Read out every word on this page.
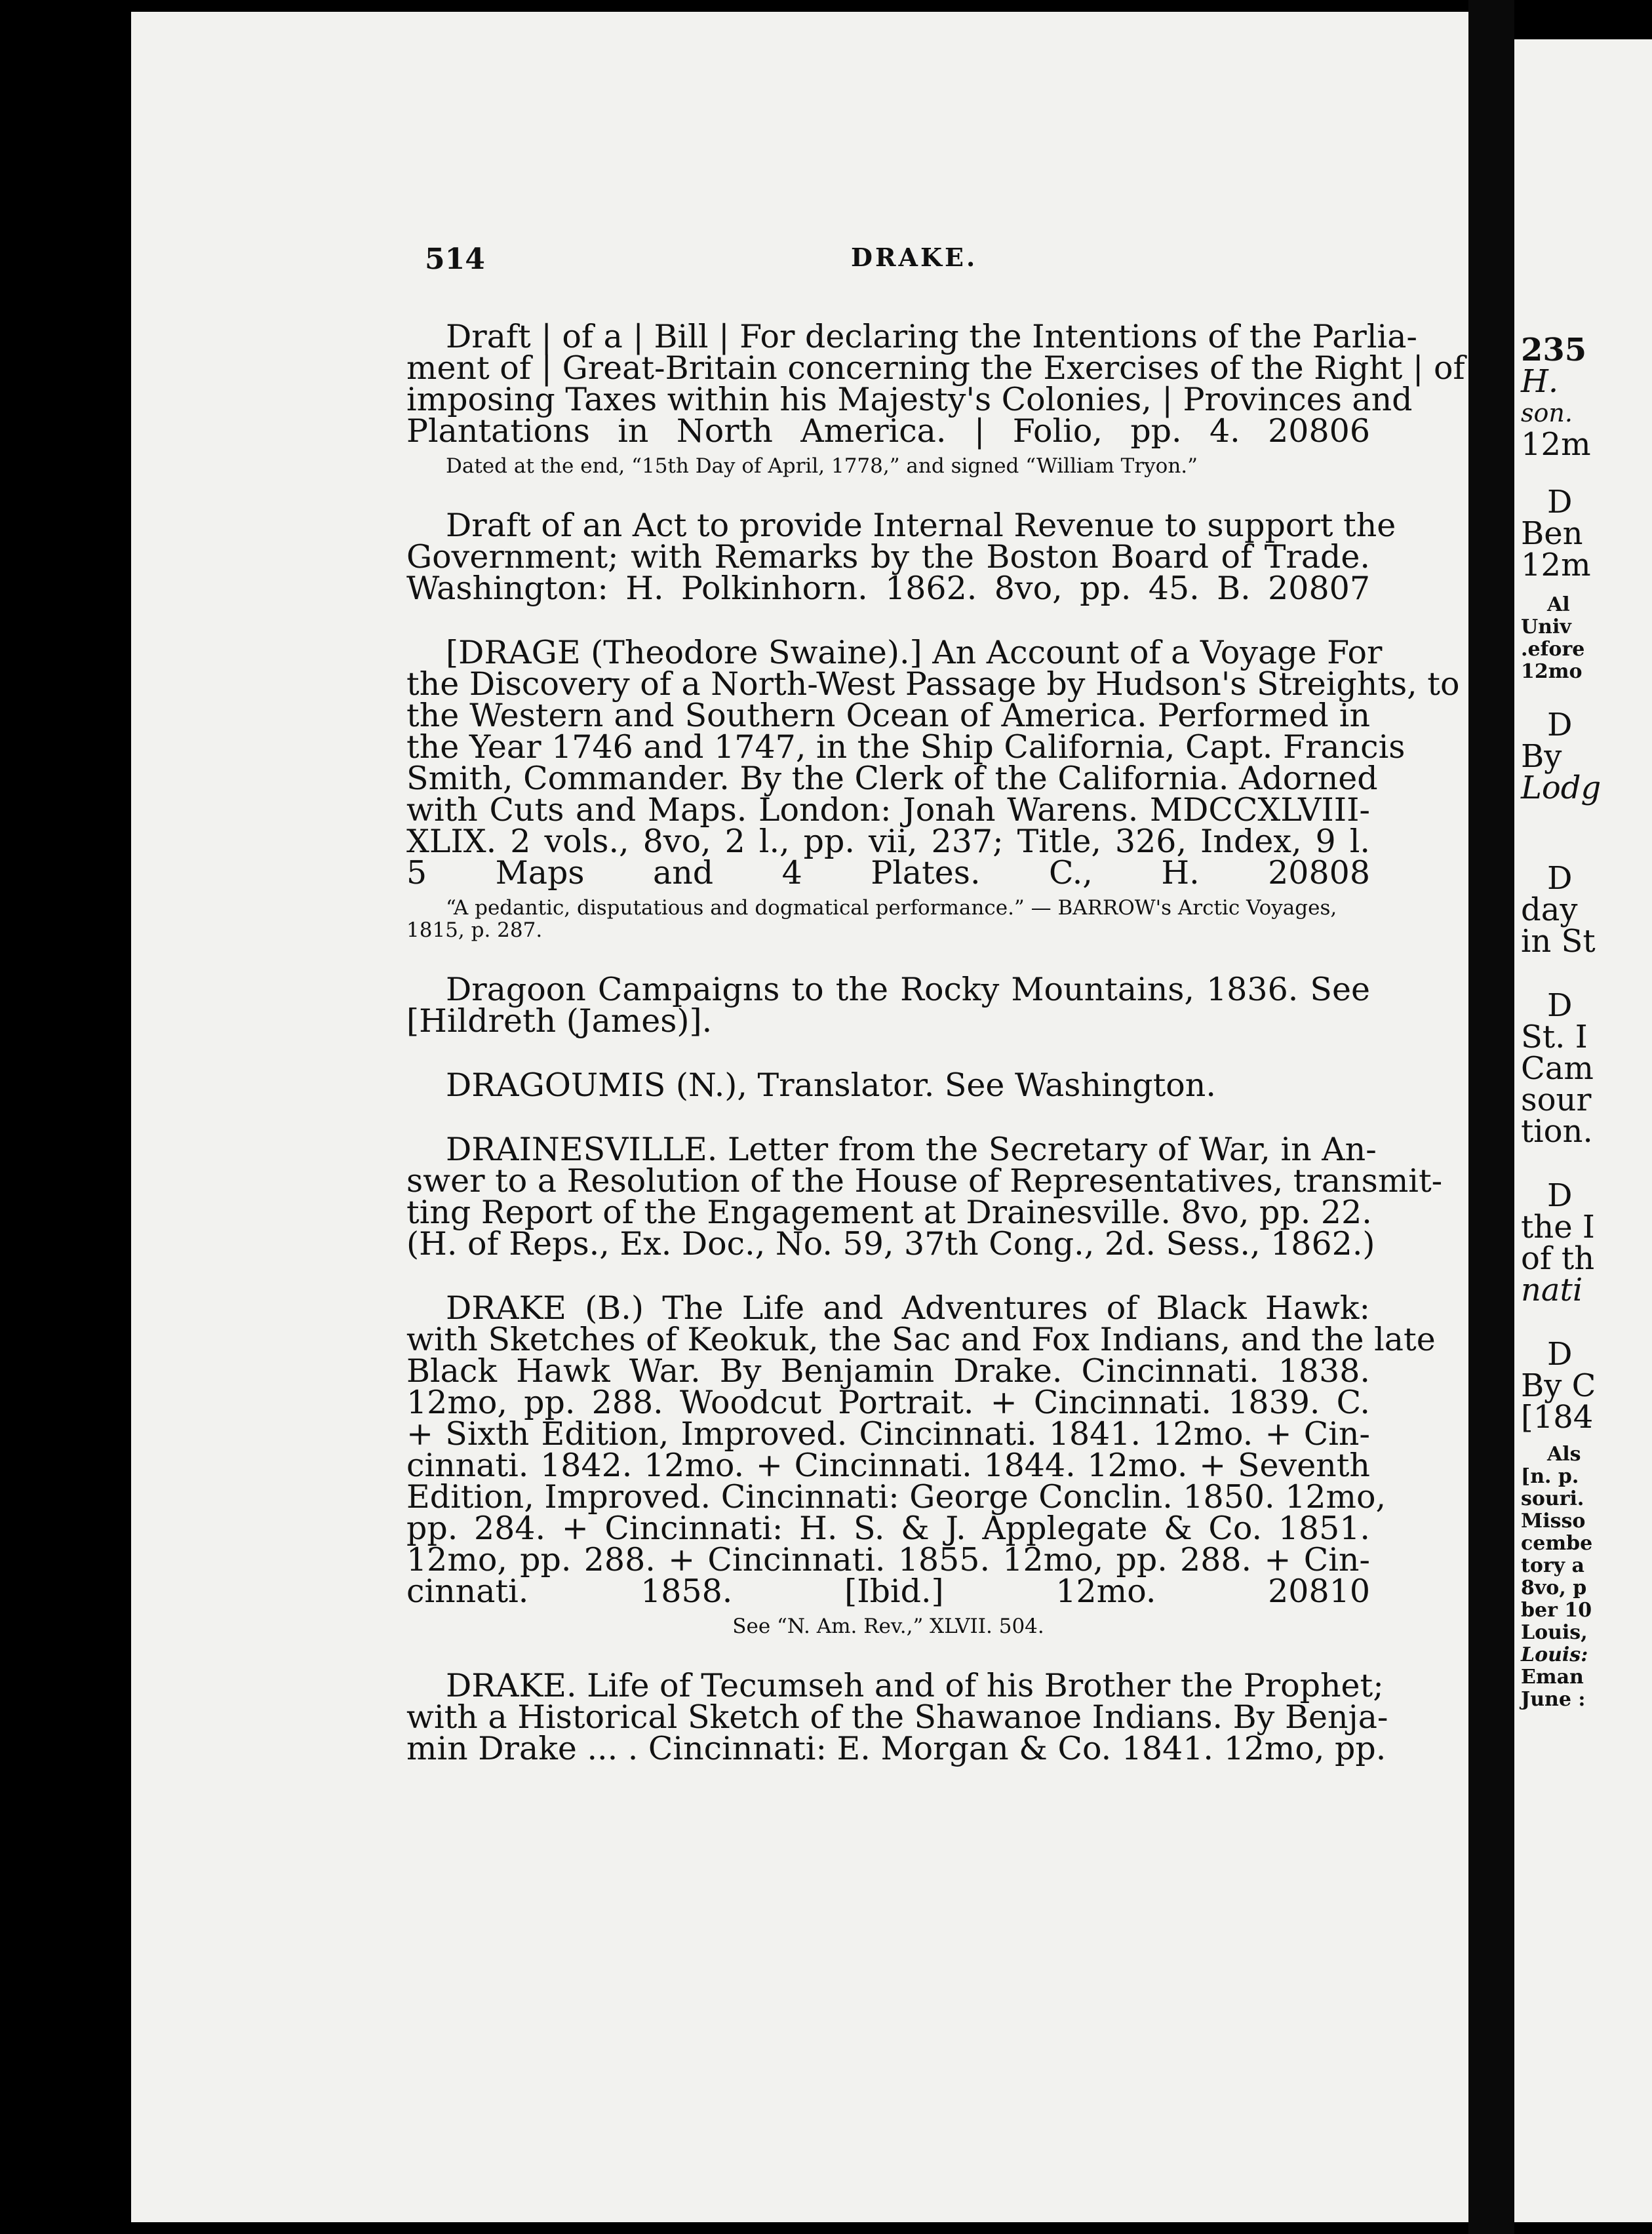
514	DRAKE.
Draft | of a | Bill | For declaring the Intentions of the Parlia-
ment of | Great-Britain concerning the Exercises of the Right | of
imposing Taxes within his Majesty's Colonies, | Provinces and
Plantations in North America. | Folio, pp. 4. 20806
Dated at the end, “15th Day of April, 1778,” and signed “William Tryon.”
Draft of an Act to provide Internal Revenue to support the
Government; with Remarks by the Boston Board of Trade.
Washington: H. Polkinhorn. 1862. 8vo, pp. 45. B. 20807
[DRAGE (Theodore Swaine).] An Account of a Voyage For
the Discovery of a North-West Passage by Hudson's Streights, to
the Western and Southern Ocean of America. Performed in
the Year 1746 and 1747, in the Ship California, Capt. Francis
Smith, Commander. By the Clerk of the California. Adorned
with Cuts and Maps. London: Jonah Warens. MDCCXLVIII-
XLIX. 2 vols., 8vo, 2 l., pp. vii, 237; Title, 326, Index, 9 l.
5 Maps and 4 Plates. C., H. 20808
“A pedantic, disputatious and dogmatical performance.” — BARROW's Arctic Voyages,
1815, p. 287.
Dragoon Campaigns to the Rocky Mountains, 1836. See
[Hildreth (James)].
DRAGOUMIS (N.), Translator. See Washington.
DRAINESVILLE. Letter from the Secretary of War, in An-
swer to a Resolution of the House of Representatives, transmit-
ting Report of the Engagement at Drainesville. 8vo, pp. 22.
(H. of Reps., Ex. Doc., No. 59, 37th Cong., 2d. Sess., 1862.)
DRAKE (B.) The Life and Adventures of Black Hawk:
with Sketches of Keokuk, the Sac and Fox Indians, and the late
Black Hawk War. By Benjamin Drake. Cincinnati. 1838.
12mo, pp. 288. Woodcut Portrait. + Cincinnati. 1839. C.
+ Sixth Edition, Improved. Cincinnati. 1841. 12mo. + Cin-
cinnati. 1842. 12mo. + Cincinnati. 1844. 12mo. + Seventh
Edition, Improved. Cincinnati: George Conclin. 1850. 12mo,
pp. 284. + Cincinnati: H. S. & J. Applegate & Co. 1851.
12mo, pp. 288. + Cincinnati. 1855. 12mo, pp. 288. + Cin-
cinnati. 1858. [Ibid.] 12mo. 20810
See “N. Am. Rev.,” XLVII. 504.
DRAKE. Life of Tecumseh and of his Brother the Prophet;
with a Historical Sketch of the Shawanoe Indians. By Benja-
min Drake ... . Cincinnati: E. Morgan & Co. 1841. 12mo, pp.
235
H.
son.
12m
D
Ben
12m
Al
Univ
.efore
12mo
D
By
Lodg
D
day
in St
D
St. I
Cam
sour
tion.
D
the I
of th
nati
D
By C
[184
Als
[n. p.
souri.
Misso
cembe
tory a
8vo, p
ber 10
Louis,
Louis:
Eman
June :
